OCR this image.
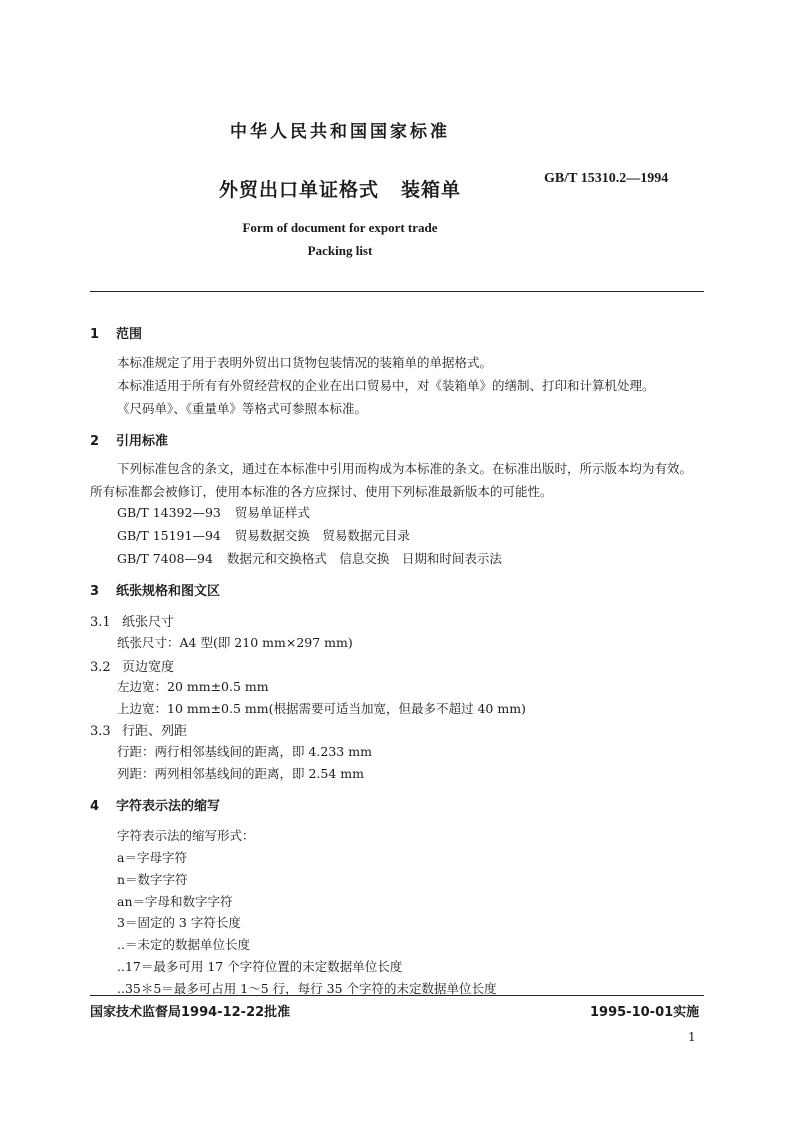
中华人民共和国国家标准
外贸出口单证格式 装箱单
GB/T 15310.2—1994
Form of document for export trade
Packing list
1 范围
本标准规定了用于表明外贸出口货物包装情况的装箱单的单据格式。
本标准适用于所有有外贸经营权的企业在出口贸易中，对《装箱单》的缮制、打印和计算机处理。
《尺码单》、《重量单》等格式可参照本标准。
2 引用标准
下列标准包含的条文，通过在本标准中引用而构成为本标准的条文。在标准出版时，所示版本均为有效。所有标准都会被修订，使用本标准的各方应探讨、使用下列标准最新版本的可能性。
GB/T 14392—93 贸易单证样式
GB/T 15191—94 贸易数据交换　贸易数据元目录
GB/T 7408—94 数据元和交换格式　信息交换　日期和时间表示法
3 纸张规格和图文区
3.1 纸张尺寸
纸张尺寸：A4 型(即 210 mm×297 mm)
3.2 页边宽度
左边宽：20 mm±0.5 mm
上边宽：10 mm±0.5 mm(根据需要可适当加宽，但最多不超过 40 mm)
3.3 行距、列距
行距：两行相邻基线间的距离，即 4.233 mm
列距：两列相邻基线间的距离，即 2.54 mm
4 字符表示法的缩写
字符表示法的缩写形式：
a＝字母字符
n＝数字字符
an＝字母和数字字符
3＝固定的 3 字符长度
..＝未定的数据单位长度
..17＝最多可用 17 个字符位置的未定数据单位长度
..35＊5＝最多可占用 1～5 行，每行 35 个字符的未定数据单位长度
国家技术监督局1994-12-22批准	1995-10-01实施
1
